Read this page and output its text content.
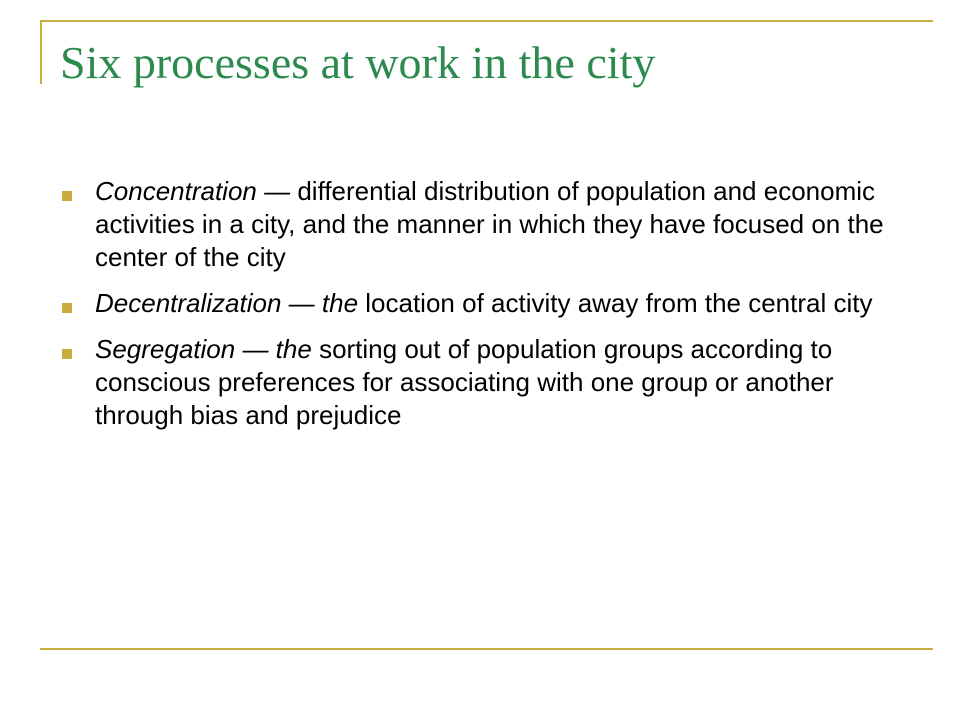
Six processes at work in the city
Concentration — differential distribution of population and economic activities in a city, and the manner in which they have focused on the center of the city
Decentralization — the location of activity away from the central city
Segregation — the sorting out of population groups according to conscious preferences for associating with one group or another through bias and prejudice
